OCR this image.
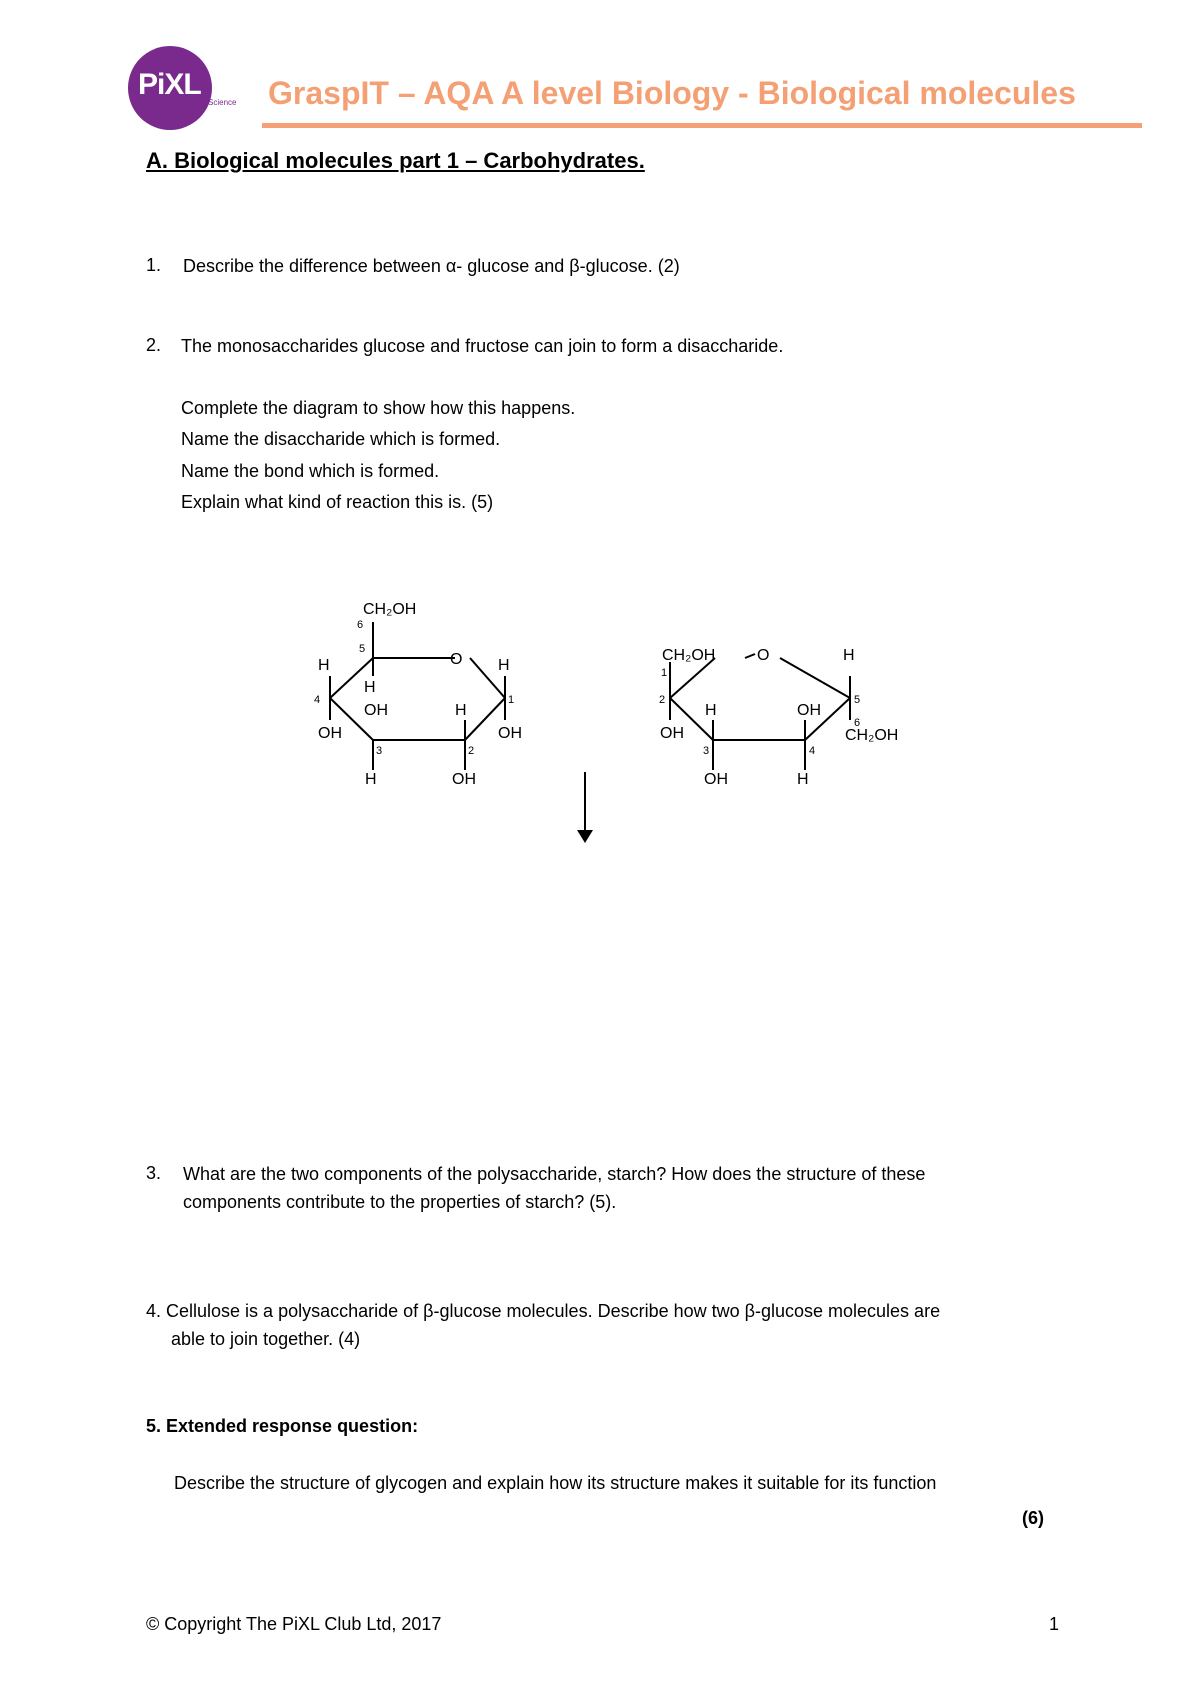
PiXL
Science GraspIT – AQA A level Biology - Biological molecules
A. Biological molecules part 1 – Carbohydrates.
1. Describe the difference between α- glucose and β-glucose. (2)
2. The monosaccharides glucose and fructose can join to form a disaccharide.
Complete the diagram to show how this happens.
Name the disaccharide which is formed.
Name the bond which is formed.
Explain what kind of reaction this is. (5)
CH₂OH
6
5
O
H
H
H
4	1
OH	H
OH	OH
3	2
H	OH
CH₂OH	O	H
1
2	5
H	OH
6
OH	CH₂OH
3	4
OH	H
3. What are the two components of the polysaccharide, starch? How does the structure of these
components contribute to the properties of starch? (5).
4. Cellulose is a polysaccharide of β-glucose molecules. Describe how two β-glucose molecules are
able to join together. (4)
5. Extended response question:
Describe the structure of glycogen and explain how its structure makes it suitable for its function
(6)
© Copyright The PiXL Club Ltd, 2017	1
